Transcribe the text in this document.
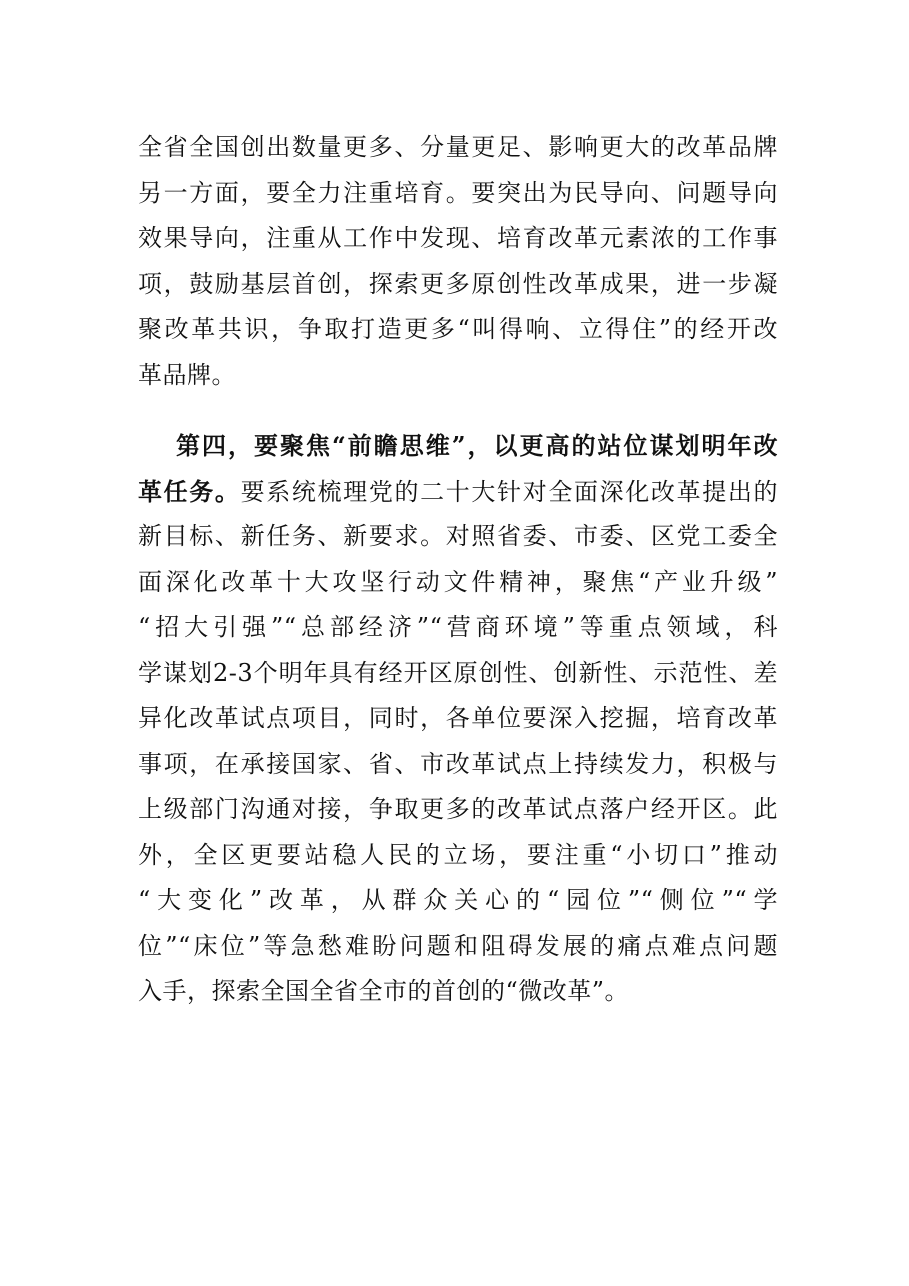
全省全国创出数量更多、分量更足、影响更大的改革品牌
另一方面，要全力注重培育。要突出为民导向、问题导向
效果导向，注重从工作中发现、培育改革元素浓的工作事
项，鼓励基层首创，探索更多原创性改革成果，进一步凝
聚改革共识，争取打造更多“叫得响、立得住”的经开改
革品牌。
第四，要聚焦“前瞻思维”，以更高的站位谋划明年改
革任务。要系统梳理党的二十大针对全面深化改革提出的
新目标、新任务、新要求。对照省委、市委、区党工委全
面深化改革十大攻坚行动文件精神，聚焦“产业升级”
“招大引强”“总部经济”“营商环境”等重点领域，科
学谋划2-3个明年具有经开区原创性、创新性、示范性、差
异化改革试点项目，同时，各单位要深入挖掘，培育改革
事项，在承接国家、省、市改革试点上持续发力，积极与
上级部门沟通对接，争取更多的改革试点落户经开区。此
外，全区更要站稳人民的立场，要注重“小切口”推动
“大变化”改革，从群众关心的“园位”“侧位”“学
位”“床位”等急愁难盼问题和阻碍发展的痛点难点问题
入手，探索全国全省全市的首创的“微改革”。
